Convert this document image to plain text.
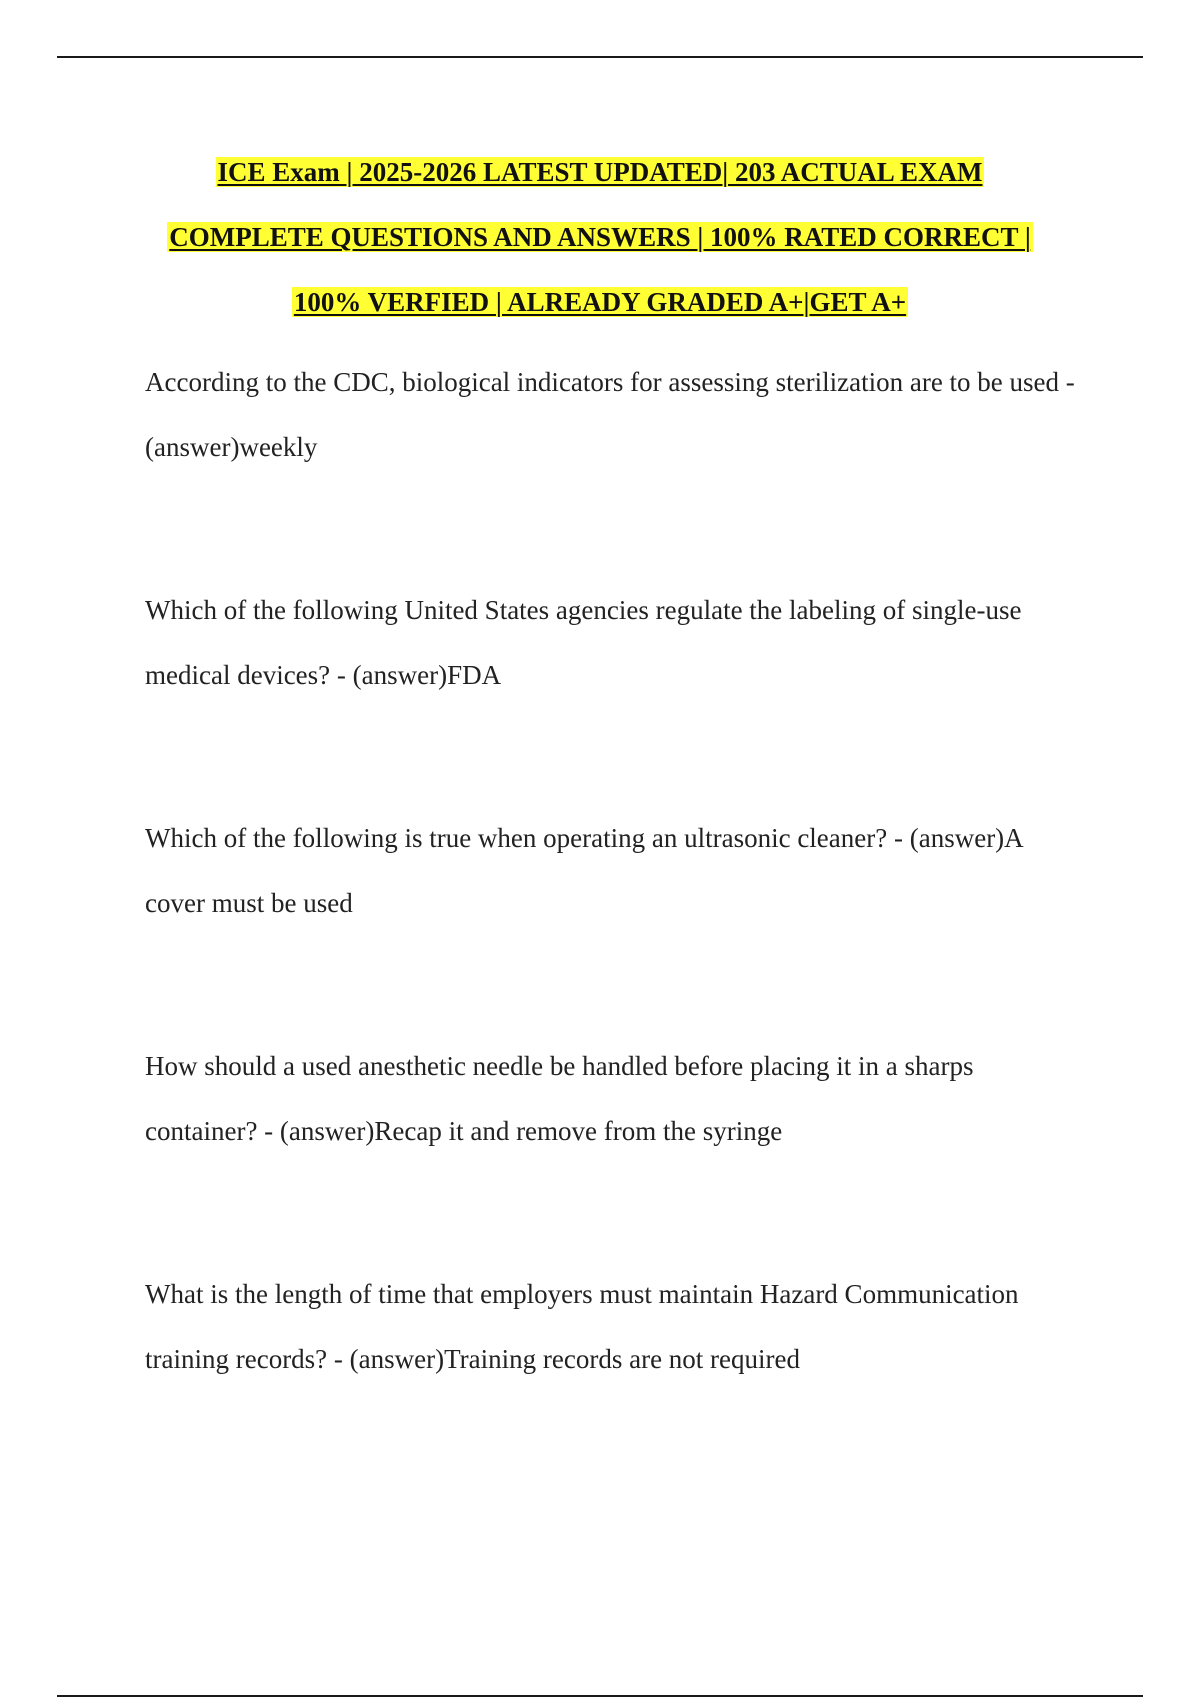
ICE Exam | 2025-2026 LATEST UPDATED| 203 ACTUAL EXAM
COMPLETE QUESTIONS AND ANSWERS | 100% RATED CORRECT |
100% VERFIED | ALREADY GRADED A+|GET A+

According to the CDC, biological indicators for assessing sterilization are to be used - (answer)weekly

Which of the following United States agencies regulate the labeling of single-use medical devices? - (answer)FDA

Which of the following is true when operating an ultrasonic cleaner? - (answer)A cover must be used

How should a used anesthetic needle be handled before placing it in a sharps container? - (answer)Recap it and remove from the syringe

What is the length of time that employers must maintain Hazard Communication training records? - (answer)Training records are not required
